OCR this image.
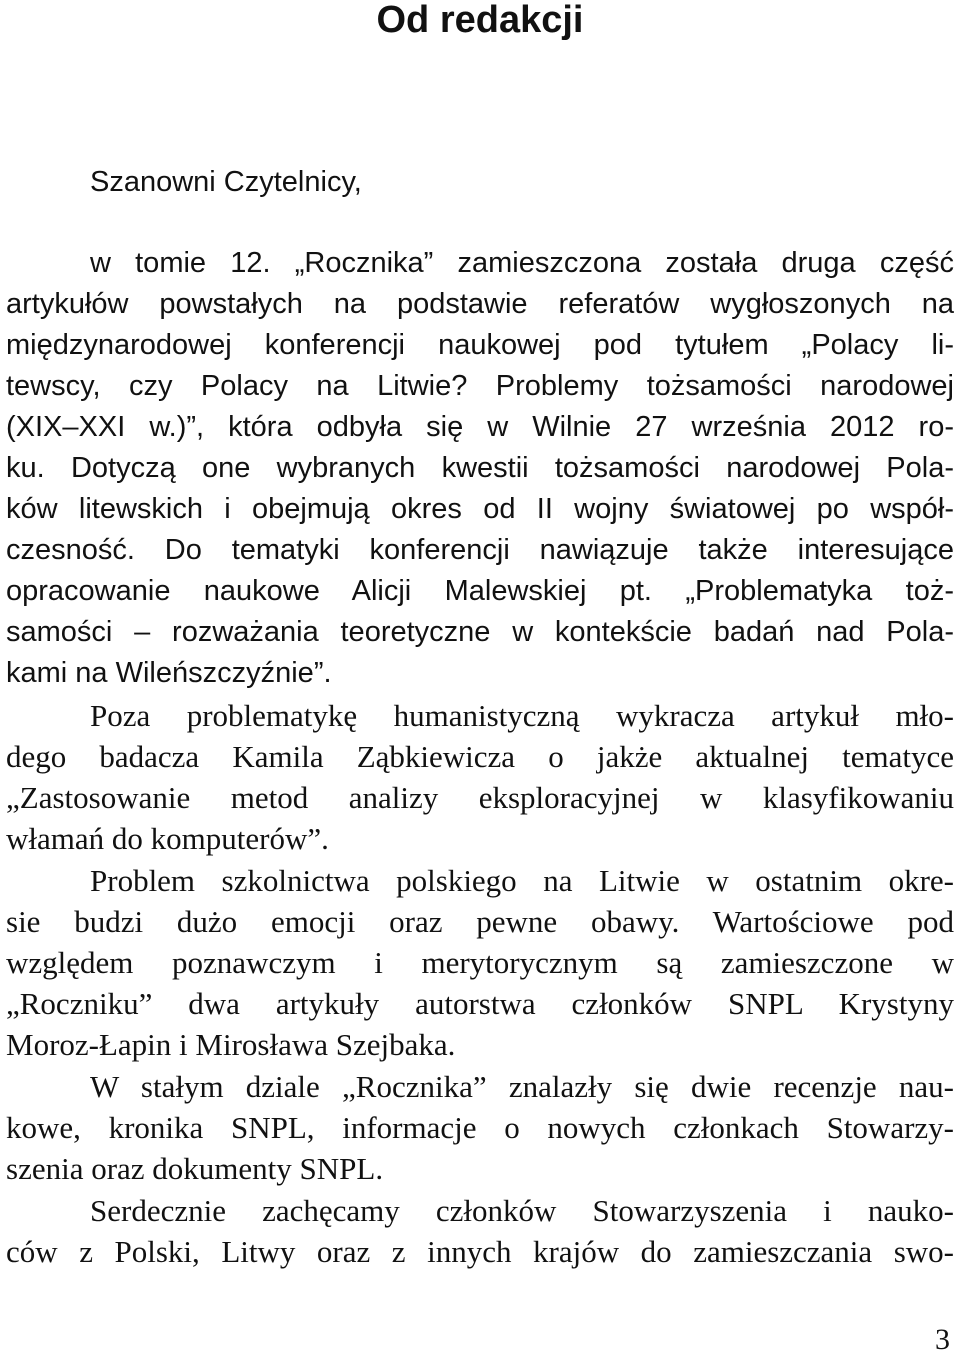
Od redakcji

Szanowni Czytelnicy,

w tomie 12. „Rocznika” zamieszczona została druga część

artykułów powstałych na podstawie referatów wygłoszonych na

międzynarodowej konferencji naukowej pod tytułem „Polacy li-

tewscy, czy Polacy na Litwie? Problemy tożsamości narodowej

(XIX–XXI w.)”, która odbyła się w Wilnie 27 września 2012 ro-

ku. Dotyczą one wybranych kwestii tożsamości narodowej Pola-

ków litewskich i obejmują okres od II wojny światowej po współ-

czesność. Do tematyki konferencji nawiązuje także interesujące

opracowanie naukowe Alicji Malewskiej pt. „Problematyka toż-

samości – rozważania teoretyczne w kontekście badań nad Pola-

kami na Wileńszczyźnie”.

Poza problematykę humanistyczną wykracza artykuł mło-

dego badacza Kamila Ząbkiewicza o jakże aktualnej tematyce

„Zastosowanie metod analizy eksploracyjnej w klasyfikowaniu

włamań do komputerów”.

Problem szkolnictwa polskiego na Litwie w ostatnim okre-

sie budzi dużo emocji oraz pewne obawy. Wartościowe pod

względem poznawczym i merytorycznym są zamieszczone w

„Roczniku” dwa artykuły autorstwa członków SNPL Krystyny

Moroz-Łapin i Mirosława Szejbaka.

W stałym dziale „Rocznika” znalazły się dwie recenzje nau-

kowe, kronika SNPL, informacje o nowych członkach Stowarzy-

szenia oraz dokumenty SNPL.

Serdecznie zachęcamy członków Stowarzyszenia i nauko-

ców z Polski, Litwy oraz z innych krajów do zamieszczania swo-

3
